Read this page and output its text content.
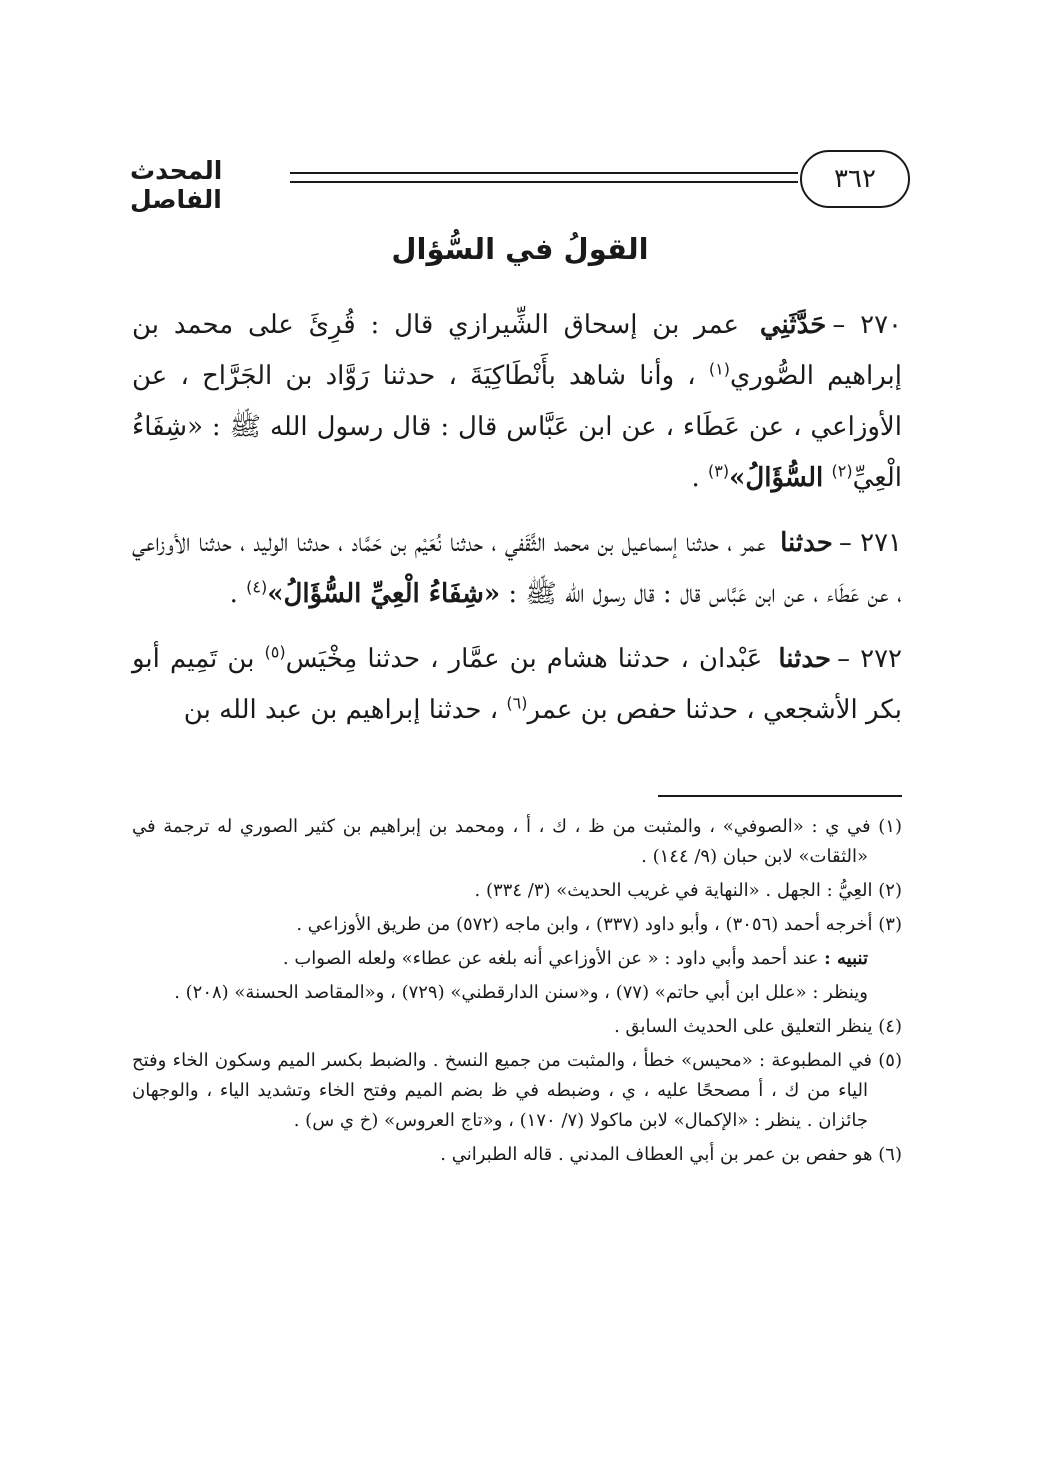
٣٦٢
المحدث الفاصل
القولُ في السُّؤال

٢٧٠ –حَدَّثَنِي عمر بن إسحاق الشِّيرازي قال : قُرِئَ على محمد بن إبراهيم الصُّوري$^{(١)}$ ، وأنا شاهد بأَنْطَاكِيَةَ ، حدثنا رَوَّاد بن الجَرَّاح ، عن الأوزاعي ، عن عَطَاء ، عن ابن عَبَّاس قال : قال رسول الله ﷺ : «شِفَاءُ الْعِيِّ$^{(٢)}$ السُّؤَالُ»$^{(٣)}$ .

٢٧١ –حدثنا عمر ، حدثنا إسماعيل بن محمد الثَّقَفي ، حدثنا نُعَيْم بن حَمَّاد ، حدثنا الوليد ، حدثنا الأوزاعي ، عن عَطَاء ، عن ابن عَبَّاس قال : قال رسول الله ﷺ : «شِفَاءُ الْعِيِّ السُّؤَالُ»$^{(٤)}$ .

٢٧٢ –حدثنا عَبْدان ، حدثنا هشام بن عمَّار ، حدثنا مِخْيَس$^{(٥)}$ بن تَمِيم أبو بكر الأشجعي ، حدثنا حفص بن عمر$^{(٦)}$ ، حدثنا إبراهيم بن عبد الله بن

(١) في ي : «الصوفي» ، والمثبت من ظ ، ك ، أ ، ومحمد بن إبراهيم بن كثير الصوري له ترجمة في «الثقات» لابن حبان (٩/ ١٤٤) .

(٢) العِيُّ : الجهل . «النهاية في غريب الحديث» (٣/ ٣٣٤) .

(٣) أخرجه أحمد (٣٠٥٦) ، وأبو داود (٣٣٧) ، وابن ماجه (٥٧٢) من طريق الأوزاعي .

تنبيه : عند أحمد وأبي داود : « عن الأوزاعي أنه بلغه عن عطاء» ولعله الصواب .

وينظر : «علل ابن أبي حاتم» (٧٧) ، و«سنن الدارقطني» (٧٢٩) ، و«المقاصد الحسنة» (٢٠٨) .

(٤) ينظر التعليق على الحديث السابق .

(٥) في المطبوعة : «محيس» خطأ ، والمثبت من جميع النسخ . والضبط بكسر الميم وسكون الخاء وفتح الياء من ك ، أ مصححًا عليه ، ي ، وضبطه في ظ بضم الميم وفتح الخاء وتشديد الياء ، والوجهان جائزان . ينظر : «الإكمال» لابن ماكولا (٧/ ١٧٠) ، و«تاج العروس» (خ ي س) .

(٦) هو حفص بن عمر بن أبي العطاف المدني . قاله الطبراني .
